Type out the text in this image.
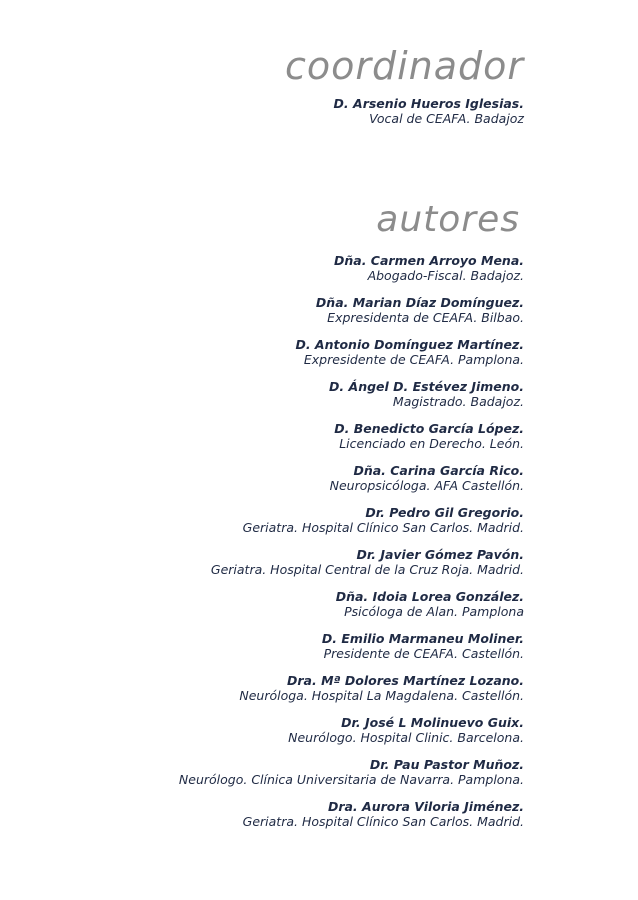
coordinador
D. Arsenio Hueros Iglesias.
Vocal de CEAFA. Badajoz
autores
Dña. Carmen Arroyo Mena.
Abogado-Fiscal. Badajoz.
Dña. Marian Díaz Domínguez.
Expresidenta de CEAFA. Bilbao.
D. Antonio Domínguez Martínez.
Expresidente de CEAFA. Pamplona.
D. Ángel D. Estévez Jimeno.
Magistrado. Badajoz.
D. Benedicto García López.
Licenciado en Derecho. León.
Dña. Carina García Rico.
Neuropsicóloga. AFA Castellón.
Dr. Pedro Gil Gregorio.
Geriatra. Hospital Clínico San Carlos. Madrid.
Dr. Javier Gómez Pavón.
Geriatra. Hospital Central de la Cruz Roja. Madrid.
Dña. Idoia Lorea González.
Psicóloga de Alan. Pamplona
D. Emilio Marmaneu Moliner.
Presidente de CEAFA. Castellón.
Dra. Mª Dolores Martínez Lozano.
Neuróloga. Hospital La Magdalena. Castellón.
Dr. José L Molinuevo Guix.
Neurólogo. Hospital Clinic. Barcelona.
Dr. Pau Pastor Muñoz.
Neurólogo. Clínica Universitaria de Navarra. Pamplona.
Dra. Aurora Viloria Jiménez.
Geriatra. Hospital Clínico San Carlos. Madrid.
